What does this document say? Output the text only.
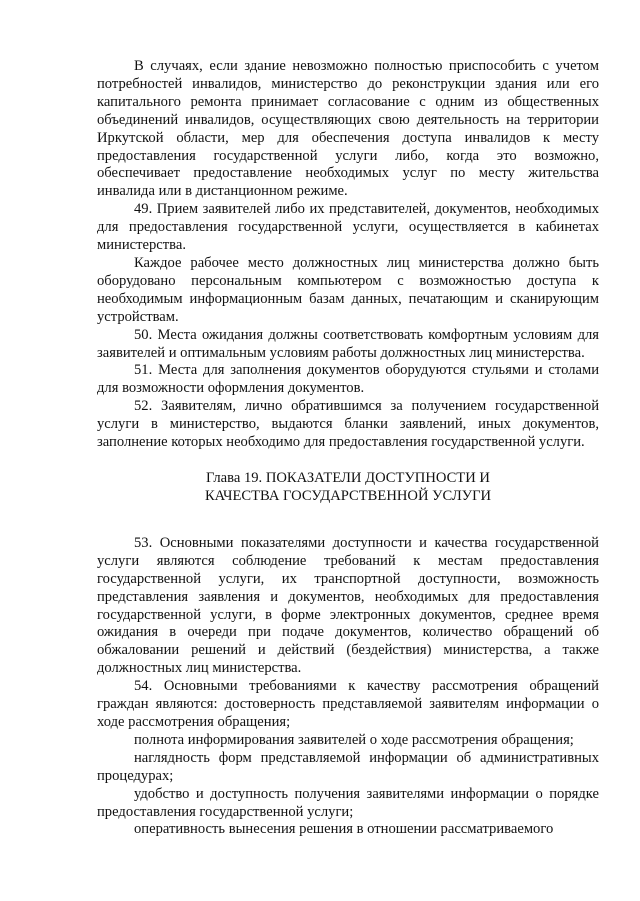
В случаях, если здание невозможно полностью приспособить с учетом потребностей инвалидов, министерство до реконструкции здания или его капитального ремонта принимает согласование с одним из общественных объединений инвалидов, осуществляющих свою деятельность на территории Иркутской области, мер для обеспечения доступа инвалидов к месту предоставления государственной услуги либо, когда это возможно, обеспечивает предоставление необходимых услуг по месту жительства инвалида или в дистанционном режиме.

49. Прием заявителей либо их представителей, документов, необходимых для предоставления государственной услуги, осуществляется в кабинетах министерства.

Каждое рабочее место должностных лиц министерства должно быть оборудовано персональным компьютером с возможностью доступа к необходимым информационным базам данных, печатающим и сканирующим устройствам.

50. Места ожидания должны соответствовать комфортным условиям для заявителей и оптимальным условиям работы должностных лиц министерства.

51. Места для заполнения документов оборудуются стульями и столами для возможности оформления документов.

52. Заявителям, лично обратившимся за получением государственной услуги в министерство, выдаются бланки заявлений, иных документов, заполнение которых необходимо для предоставления государственной услуги.

Глава 19. ПОКАЗАТЕЛИ ДОСТУПНОСТИ И
КАЧЕСТВА ГОСУДАРСТВЕННОЙ УСЛУГИ

53. Основными показателями доступности и качества государственной услуги являются соблюдение требований к местам предоставления государственной услуги, их транспортной доступности, возможность представления заявления и документов, необходимых для предоставления государственной услуги, в форме электронных документов, среднее время ожидания в очереди при подаче документов, количество обращений об обжаловании решений и действий (бездействия) министерства, а также должностных лиц министерства.

54. Основными требованиями к качеству рассмотрения обращений граждан являются: достоверность представляемой заявителям информации о ходе рассмотрения обращения;

полнота информирования заявителей о ходе рассмотрения обращения;

наглядность форм представляемой информации об административных процедурах;

удобство и доступность получения заявителями информации о порядке предоставления государственной услуги;

оперативность вынесения решения в отношении рассматриваемого
